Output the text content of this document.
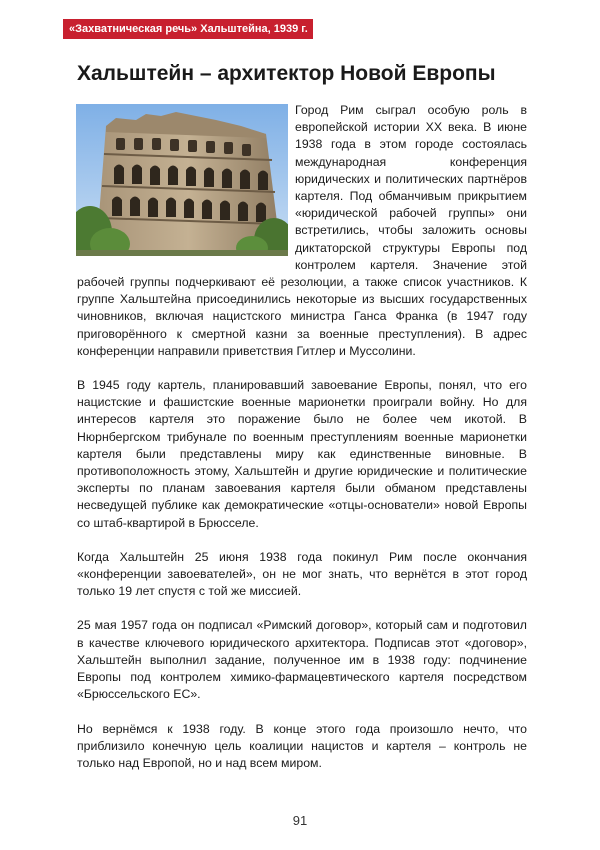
«Захватническая речь» Хальштейна, 1939 г.
Хальштейн – архитектор Новой Европы

Город Рим сыграл особую роль в европейской истории XX века. В июне 1938 года в этом городе состоялась международная конференция юридических и политических партнёров картеля. Под обманчивым прикрытием «юридической рабочей группы» они встретились, чтобы заложить основы диктаторской структуры Европы под контролем картеля. Значение этой рабочей группы подчеркивают её резолюции, а также список участников. К группе Хальштейна присоединились некоторые из высших государственных чиновников, включая нацистского министра Ганса Франка (в 1947 году приговорённого к смертной казни за военные преступления). В адрес конференции направили приветствия Гитлер и Муссолини.

В 1945 году картель, планировавший завоевание Европы, понял, что его нацистские и фашистские военные марионетки проиграли войну. Но для интересов картеля это поражение было не более чем икотой. В Нюрнбергском трибунале по военным преступлениям военные марионетки картеля были представлены миру как единственные виновные. В противоположность этому, Хальштейн и другие юридические и политические эксперты по планам завоевания картеля были обманом представлены несведущей публике как демократические «отцы-основатели» новой Европы со штаб-квартирой в Брюсселе.

Когда Хальштейн 25 июня 1938 года покинул Рим после окончания «конференции завоевателей», он не мог знать, что вернётся в этот город только 19 лет спустя с той же миссией.

25 мая 1957 года он подписал «Римский договор», который сам и подготовил в качестве ключевого юридического архитектора. Подписав этот «договор», Хальштейн выполнил задание, полученное им в 1938 году: подчинение Европы под контролем химико-фармацевтического картеля посредством «Брюссельского ЕС».

Но вернёмся к 1938 году. В конце этого года произошло нечто, что приблизило конечную цель коалиции нацистов и картеля – контроль не только над Европой, но и над всем миром.

91
